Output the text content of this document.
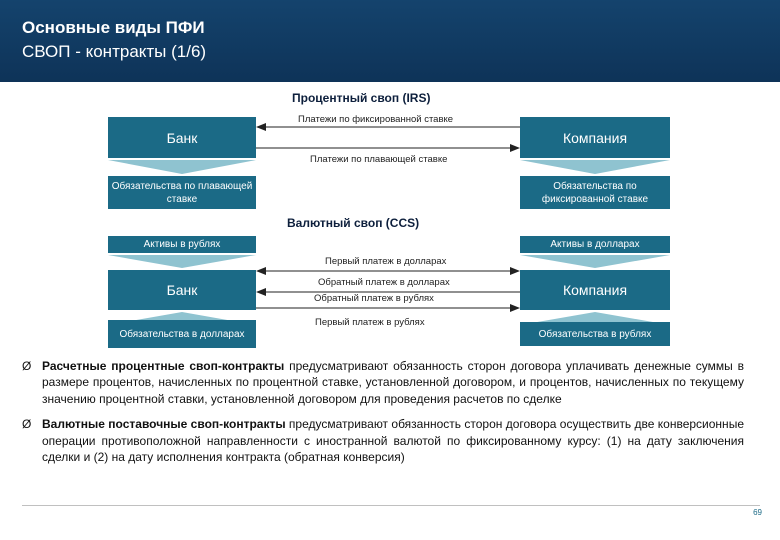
Основные виды ПФИ
СВОП - контракты (1/6)
Процентный своп (IRS)
Банк	Компания
Платежи по фиксированной ставке
Платежи по плавающей ставке
Обязательства по плавающей ставке
Обязательства по фиксированной ставке
Валютный своп (CCS)
Активы в рублях	Активы в долларах
Банк	Компания
Первый платеж в долларах
Обратный платеж в долларах
Обратный платеж в рублях
Первый платеж в рублях
Обязательства в долларах	Обязательства в рублях
Ø Расчетные процентные своп-контракты предусматривают обязанность сторон договора уплачивать денежные суммы в размере процентов, начисленных по процентной ставке, установленной договором, и процентов, начисленных по текущему значению процентной ставки, установленной договором для проведения расчетов по сделке
Ø Валютные поставочные своп-контракты предусматривают обязанность сторон договора осуществить две конверсионные операции противоположной направленности с иностранной валютой по фиксированному курсу: (1) на дату заключения сделки и (2) на дату исполнения контракта (обратная конверсия)
69
